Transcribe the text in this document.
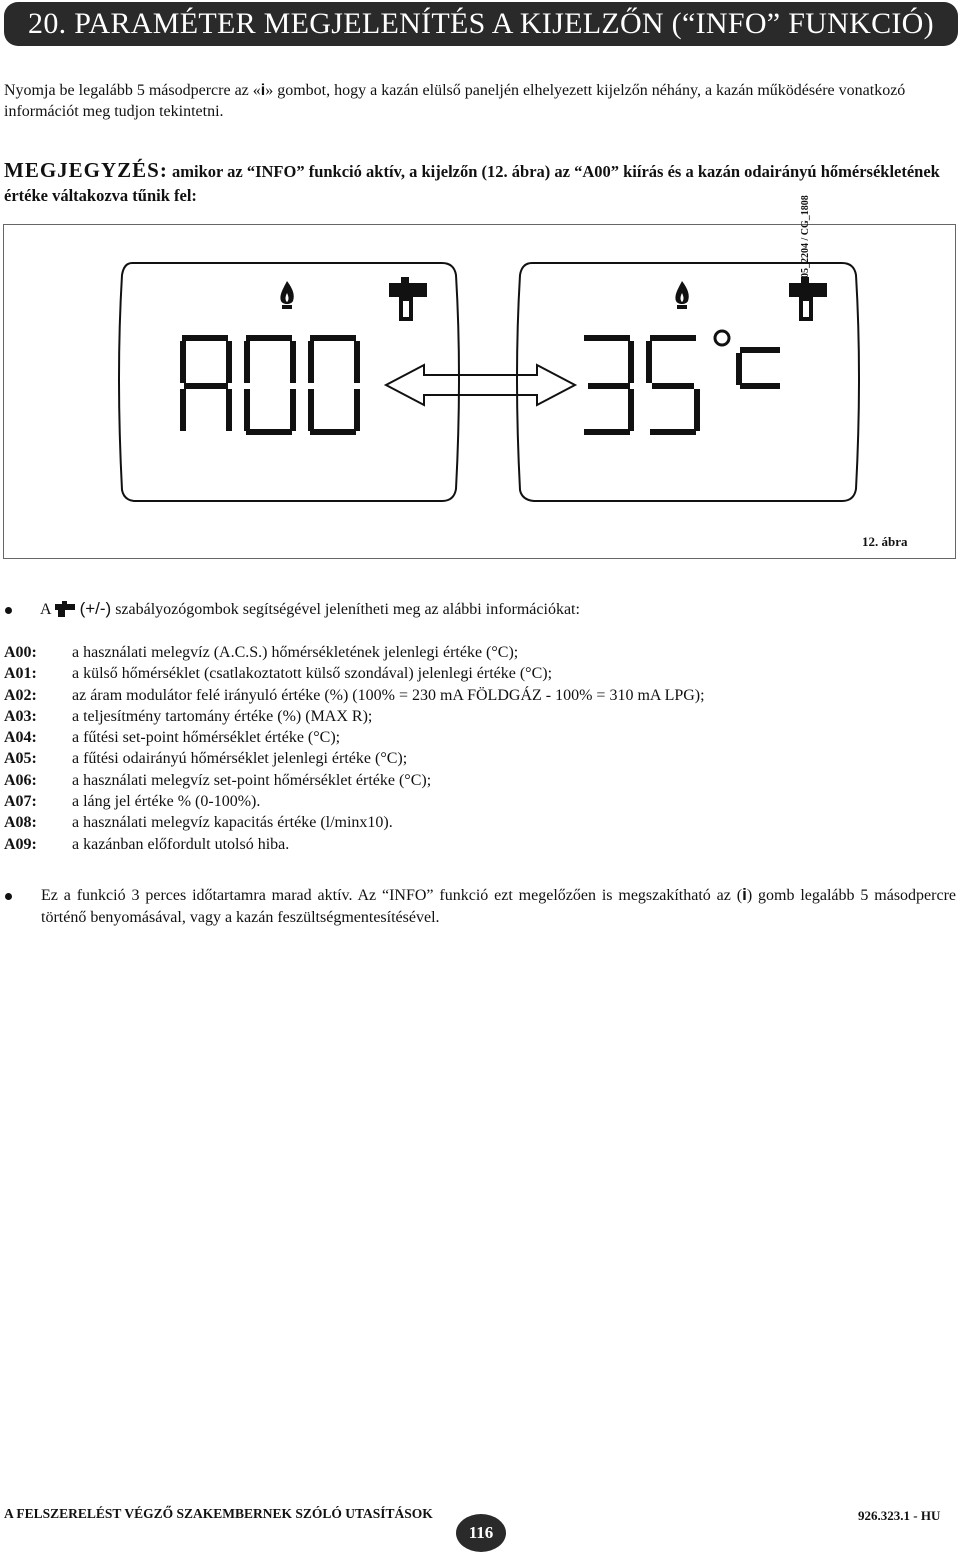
20. PARAMÉTER MEGJELENÍTÉS A KIJELZŐN (“INFO” FUNKCIÓ)
Nyomja be legalább 5 másodpercre az «i» gombot, hogy a kazán elülső paneljén elhelyezett kijelzőn néhány, a kazán működésére vonatkozó információt meg tudjon tekintetni.
MEGJEGYZÉS: amikor az “INFO” funkció aktív, a kijelzőn (12. ábra) az “A00” kiírás és a kazán odairányú hőmérsékletének értéke váltakozva tűnik fel:	0605_2204 / CG_1808
12. ábra
A (+/-) szabályozógombok segítségével jelenítheti meg az alábbi információkat:
A00:	a használati melegvíz (A.C.S.) hőmérsékletének jelenlegi értéke (°C);
A01:	a külső hőmérséklet (csatlakoztatott külső szondával) jelenlegi értéke (°C);
A02:	az áram modulátor felé irányuló értéke (%) (100% = 230 mA FÖLDGÁZ - 100% = 310 mA LPG);
A03:	a teljesítmény tartomány értéke (%) (MAX R);
A04:	a fűtési set-point hőmérséklet értéke (°C);
A05:	a fűtési odairányú hőmérséklet jelenlegi értéke (°C);
A06:	a használati melegvíz set-point hőmérséklet értéke (°C);
A07:	a láng jel értéke % (0-100%).
A08:	a használati melegvíz kapacitás értéke (l/minx10).
A09:	a kazánban előfordult utolsó hiba.
Ez a funkció 3 perces időtartamra marad aktív. Az “INFO” funkció ezt megelőzően is megszakítható az (i) gomb legalább 5 másodpercre történő benyomásával, vagy a kazán feszültségmentesítésével.
A FELSZERELÉST VÉGZŐ SZAKEMBERNEK SZÓLÓ UTASÍTÁSOK
116
926.323.1 - HU
